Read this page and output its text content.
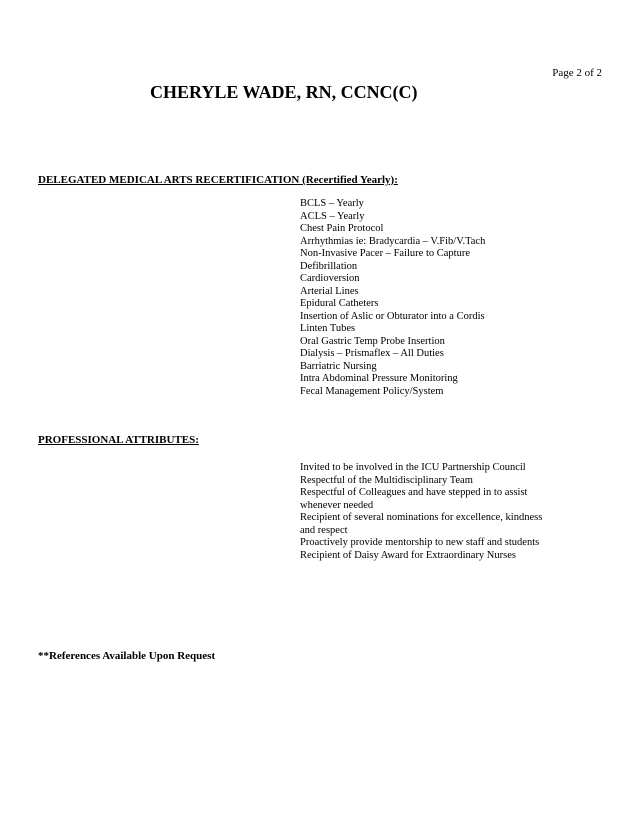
Page 2 of 2
CHERYLE WADE, RN, CCNC(C)
DELEGATED MEDICAL ARTS RECERTIFICATION (Recertified Yearly):
BCLS – Yearly
ACLS – Yearly
Chest Pain Protocol
Arrhythmias ie: Bradycardia – V.Fib/V.Tach
Non-Invasive Pacer – Failure to Capture
Defibrillation
Cardioversion
Arterial Lines
Epidural Catheters
Insertion of Aslic or Obturator into a Cordis
Linten Tubes
Oral Gastric Temp Probe Insertion
Dialysis – Prismaflex – All Duties
Barriatric Nursing
Intra Abdominal Pressure Monitoring
Fecal Management Policy/System
PROFESSIONAL ATTRIBUTES:
Invited to be involved in the ICU Partnership Council
Respectful of the Multidisciplinary Team
Respectful of Colleagues and have stepped in to assist
whenever needed
Recipient of several nominations for excellence, kindness
and respect
Proactively provide mentorship to new staff and students
Recipient of Daisy Award for Extraordinary Nurses
**References Available Upon Request
